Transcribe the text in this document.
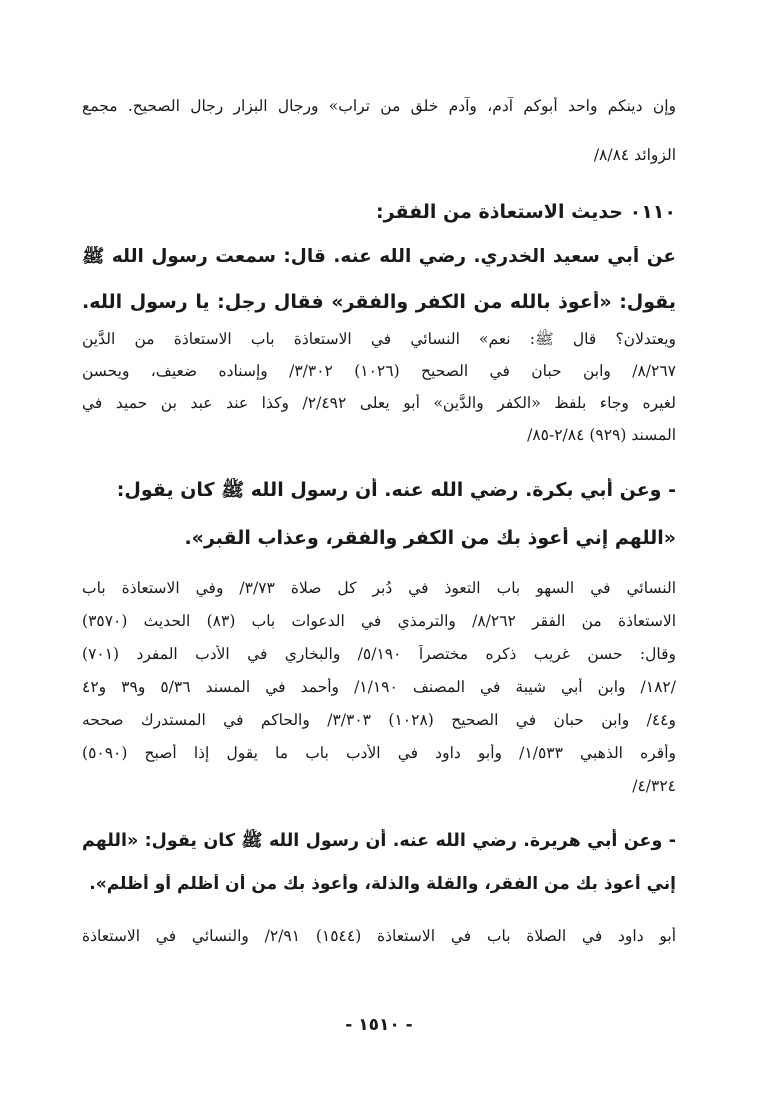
وإن دينكم واحد أبوكم آدم، وآدم خلق من تراب» ورجال البزار رجال الصحيح. مجمع
الزوائد ٨/٨٤/
٠١١٠ حديث الاستعاذة من الفقر:
عن أبي سعيد الخدري. رضي الله عنه. قال: سمعت رسول الله ﷺ
يقول: «أعوذ بالله من الكفر والفقر» فقال رجل: يا رسول الله.
ويعتدلان؟ قال ﷺ: نعم» النسائي في الاستعاذة باب الاستعاذة من الدَّين
٨/٢٦٧/ وابن حبان في الصحيح (١٠٢٦) ٣/٣٠٢/ وإسناده ضعيف، ويحسن
لغيره وجاء بلفظ «الكفر والدَّين» أبو يعلى ٢/٤٩٢/ وكذا عند عبد بن حميد في
المسند (٩٢٩) ٢/٨٤-٨٥/
- وعن أبي بكرة. رضي الله عنه. أن رسول الله ﷺ كان يقول:
«اللهم إني أعوذ بك من الكفر والفقر، وعذاب القبر».
النسائي في السهو باب التعوذ في دُبر كل صلاة ٣/٧٣/ وفي الاستعاذة باب
الاستعاذة من الفقر ٨/٢٦٢/ والترمذي في الدعوات باب (٨٣) الحديث (٣٥٧٠)
وقال: حسن غريب ذكره مختصراً ٥/١٩٠/ والبخاري في الأدب المفرد (٧٠١)
/١٨٢/ وابن أبي شيبة في المصنف ١/١٩٠/ وأحمد في المسند ٥/٣٦ و٣٩ و٤٢
و٤٤/ وابن حبان في الصحيح (١٠٢٨) ٣/٣٠٣/ والحاكم في المستدرك صححه
وأقره الذهبي ١/٥٣٣/ وأبو داود في الأدب باب ما يقول إذا أصبح (٥٠٩٠)
٤/٣٢٤/
- وعن أبي هريرة. رضي الله عنه. أن رسول الله ﷺ كان يقول: «اللهم
إني أعوذ بك من الفقر، والقلة والذلة، وأعوذ بك من أن أظلم أو أُظلم».
أبو داود في الصلاة باب في الاستعاذة (١٥٤٤) ٢/٩١/ والنسائي في الاستعاذة
- ١٥١٠ -
